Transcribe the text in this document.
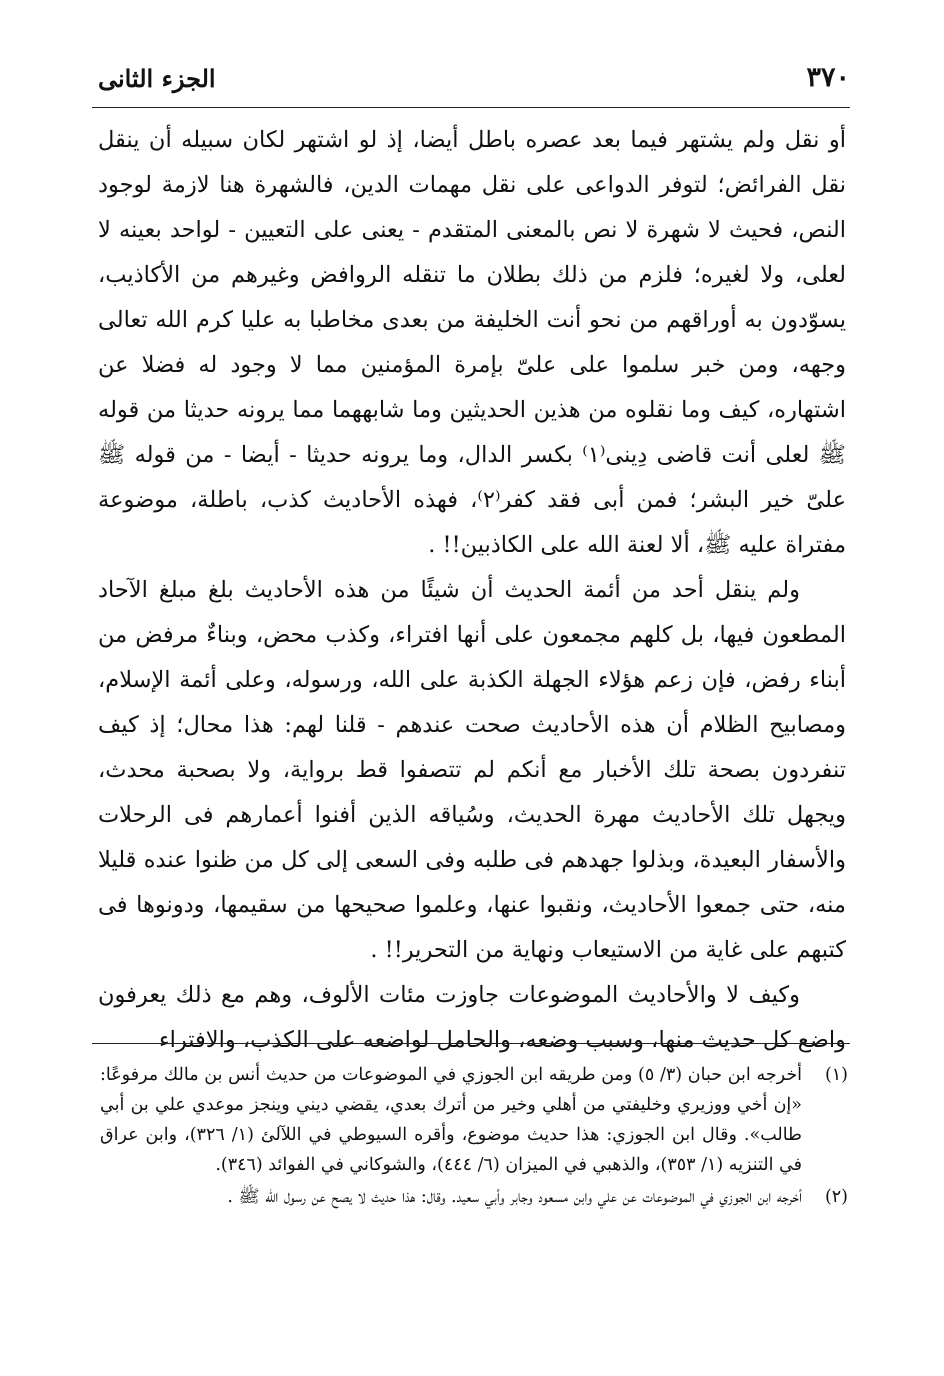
٣٧٠
الجزء الثانى

أو نقل ولم يشتهر فيما بعد عصره باطل أيضا، إذ لو اشتهر لكان سبيله أن ينقل نقل الفرائض؛ لتوفر الدواعى على نقل مهمات الدين، فالشهرة هنا لازمة لوجود النص، فحيث لا شهرة لا نص بالمعنى المتقدم - يعنى على التعيين - لواحد بعينه لا لعلى، ولا لغيره؛ فلزم من ذلك بطلان ما تنقله الروافض وغيرهم من الأكاذيب، يسوّدون به أوراقهم من نحو أنت الخليفة من بعدى مخاطبا به عليا كرم الله تعالى وجهه، ومن خبر سلموا على علىّ بإمرة المؤمنين مما لا وجود له فضلا عن اشتهاره، كيف وما نقلوه من هذين الحديثين وما شابههما مما يرونه حديثا من قوله ﷺ لعلى أنت قاضى دِينى⁽١⁾ بكسر الدال، وما يرونه حديثا - أيضا - من قوله ﷺ علىّ خير البشر؛ فمن أبى فقد كفر⁽٢⁾، فهذه الأحاديث كذب، باطلة، موضوعة مفتراة عليه ﷺ، ألا لعنة الله على الكاذبين!! .

ولم ينقل أحد من أئمة الحديث أن شيئًا من هذه الأحاديث بلغ مبلغ الآحاد المطعون فيها، بل كلهم مجمعون على أنها افتراء، وكذب محض، وبناءٌ مرفض من أبناء رفض، فإن زعم هؤلاء الجهلة الكذبة على الله، ورسوله، وعلى أئمة الإسلام، ومصابيح الظلام أن هذه الأحاديث صحت عندهم - قلنا لهم: هذا محال؛ إذ كيف تنفردون بصحة تلك الأخبار مع أنكم لم تتصفوا قط برواية، ولا بصحبة محدث، ويجهل تلك الأحاديث مهرة الحديث، وسُياقه الذين أفنوا أعمارهم فى الرحلات والأسفار البعيدة، وبذلوا جهدهم فى طلبه وفى السعى إلى كل من ظنوا عنده قليلا منه، حتى جمعوا الأحاديث، ونقبوا عنها، وعلموا صحيحها من سقيمها، ودونوها فى كتبهم على غاية من الاستيعاب ونهاية من التحرير!! .

وكيف لا والأحاديث الموضوعات جاوزت مئات الألوف، وهم مع ذلك يعرفون واضع كل حديث منها، وسبب وضعه، والحامل لواضعه على الكذب، والافتراء

(١)
أخرجه ابن حبان (٣/ ٥) ومن طريقه ابن الجوزي في الموضوعات من حديث أنس بن مالك مرفوعًا: «إن أخي ووزيري وخليفتي من أهلي وخير من أترك بعدي، يقضي ديني وينجز موعدي علي بن أبي طالب». وقال ابن الجوزي: هذا حديث موضوع، وأقره السيوطي في اللآلئ (١/ ٣٢٦)، وابن عراق في التنزيه (١/ ٣٥٣)، والذهبي في الميزان (٦/ ٤٤٤)، والشوكاني في الفوائد (٣٤٦).
(٢)
أخرجه ابن الجوزي في الموضوعات عن علي وابن مسعود وجابر وأبي سعيد. وقال: هذا حديث لا يصح عن رسول الله ﷺ .
